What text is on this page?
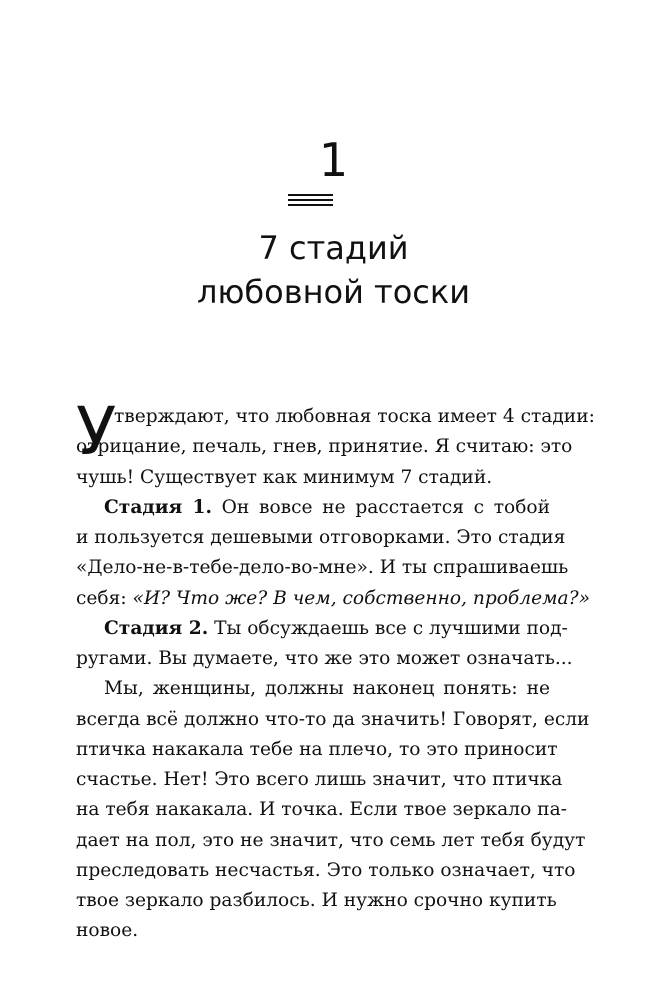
1
7 стадий
любовной тоски
У
тверждают, что любовная тоска имеет 4 стадии:
отрицание, печаль, гнев, принятие. Я считаю: это
чушь! Существует как минимум 7 стадий.
Стадия 1. Он вовсе не расстается с тобой
и пользуется дешевыми отговорками. Это стадия
«Дело-не-в-тебе-дело-во-мне». И ты спрашиваешь
себя: «И? Что же? В чем, собственно, проблема?»
Стадия 2. Ты обсуждаешь все с лучшими под-
ругами. Вы думаете, что же это может означать...
Мы, женщины, должны наконец понять: не
всегда всё должно что-то да значить! Говорят, если
птичка накакала тебе на плечо, то это приносит
счастье. Нет! Это всего лишь значит, что птичка
на тебя накакала. И точка. Если твое зеркало па-
дает на пол, это не значит, что семь лет тебя будут
преследовать несчастья. Это только означает, что
твое зеркало разбилось. И нужно срочно купить
новое.
